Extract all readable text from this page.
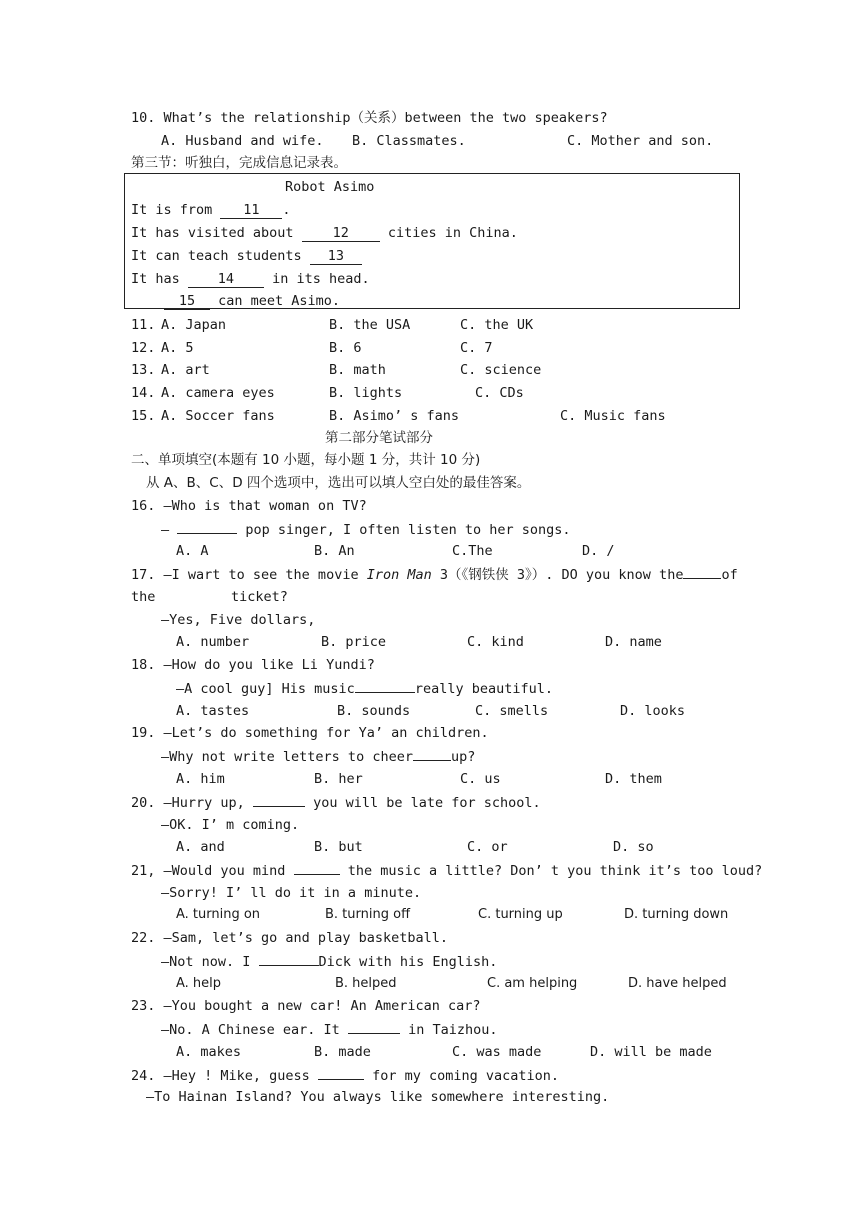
10. What’s the relationship（关系）between the two speakers?
A. Husband and wife. B. Classmates.	C. Mother and son.
第三节：听独白，完成信息记录表。
Robot Asimo
It is from 11 .
It has visited about	12	cities in China.
It can teach students 13
It has	14	in its head.
15 can meet Asimo.
11. A. Japan	B. the USA	C. the UK
12. A. 5	B. 6	C. 7
13. A. art	B. math	C. science
14. A. camera eyes	B. lights	C. CDs
15. A. Soccer fans	B. Asimo’ s fans	C. Music fans
第二部分笔试部分
二、单项填空(本题有 10 小题，每小题 1 分，共计 10 分)
从 A、B、C、D 四个选项中，选出可以填人空白处的最佳答案。
16. —Who is that woman on TV?
—	pop singer, I often listen to her songs.
A. A	B. An	C.The	D. /
17. —I wart to see the movie Iron Man 3（《钢铁侠 3》）. DO you know the	of
the	ticket?
—Yes, Five dollars,
A. number	B. price	C. kind	D. name
18. —How do you like Li Yundi?
—A cool guy] His music	really beautiful.
A. tastes	B. sounds	C. smells	D. looks
19. —Let’s do something for Ya’ an children.
—Why not write letters to cheer	up?
A. him	B. her	C. us	D. them
20. —Hurry up,	you will be late for school.
—OK. I’ m coming.
A. and	B. but	C. or	D. so
21, —Would you mind	the music a little? Don’ t you think it’s too loud?
—Sorry! I’ ll do it in a minute.
A. turning on	B. turning off	C. turning up	D. turning down
22. —Sam, let’s go and play basketball.
—Not now. I	Dick with his English.
A. help	B. helped	C. am helping	D. have helped
23. —You bought a new car! An American car?
—No. A Chinese ear. It	in Taizhou.
A. makes	B. made	C. was made	D. will be made
24. —Hey ! Mike, guess	for my coming vacation.
—To Hainan Island? You always like somewhere interesting.
